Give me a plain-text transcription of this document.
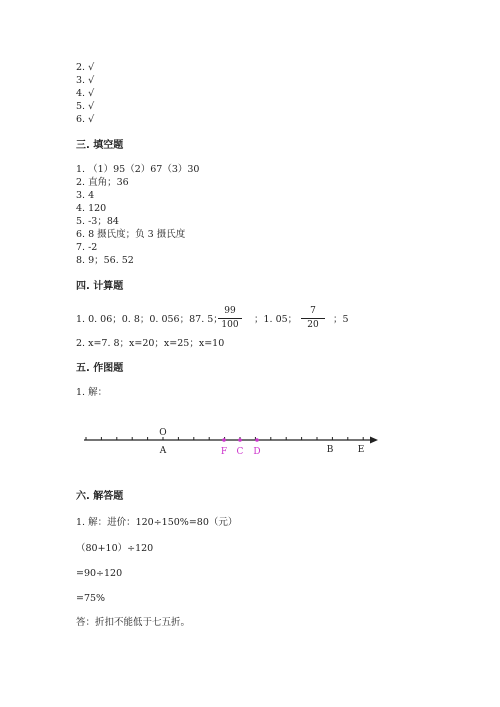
2. √
3. √
4. √
5. √
6. √
三. 填空题
1. （1）95（2）67（3）30
2. 直角；36
3. 4
4. 120
5. -3；84
6. 8 摄氏度；负 3 摄氏度
7. -2
8. 9；56. 52
四. 计算题
1. 0. 06；0. 8；0. 056；87. 5；
99
100	；1. 05；
7
20	；5
2. x=7. 8；x=20；x=25；x=10
五. 作图题
1. 解：
O
A	F C D	B	E
六. 解答题
1. 解：进价：120÷150%=80（元）
（80+10）÷120
=90÷120
=75%
答：折扣不能低于七五折。
